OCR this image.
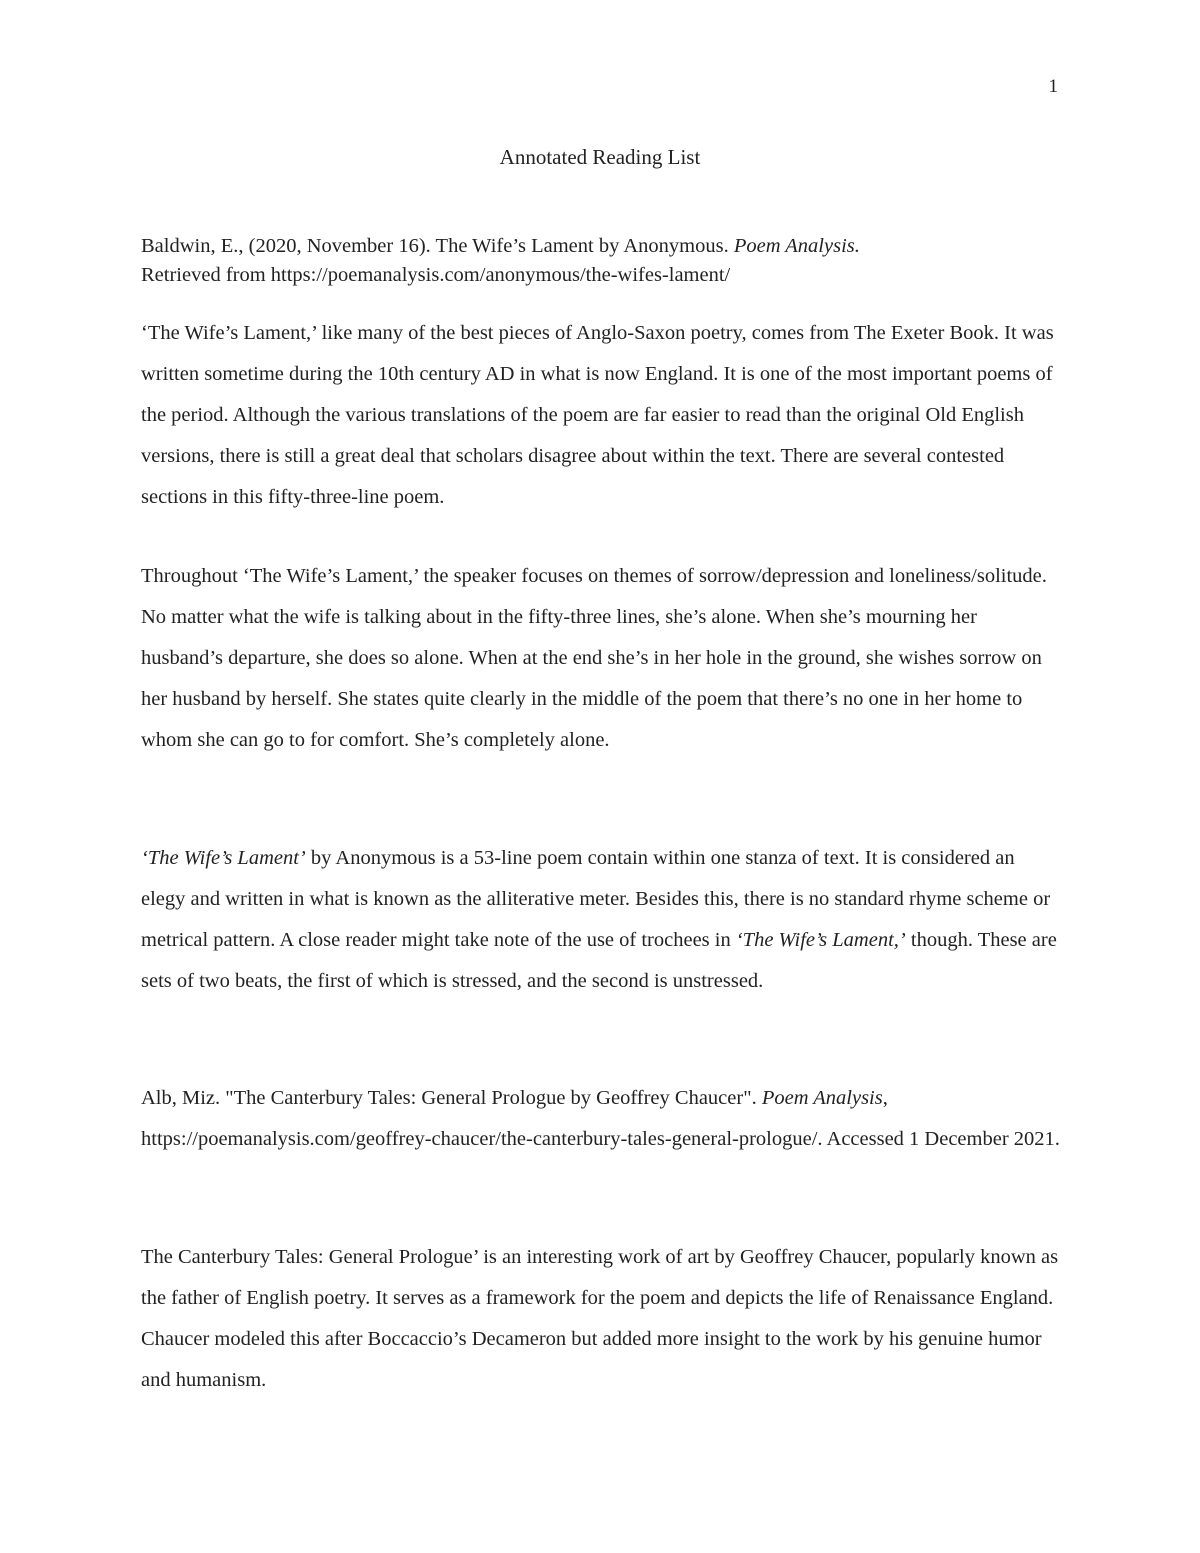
1
Annotated Reading List

Baldwin, E., (2020, November 16). The Wife’s Lament by Anonymous. Poem Analysis.
Retrieved from https://poemanalysis.com/anonymous/the-wifes-lament/

‘The Wife’s Lament,’ like many of the best pieces of Anglo-Saxon poetry, comes from The Exeter Book. It was written sometime during the 10th century AD in what is now England. It is one of the most important poems of the period. Although the various translations of the poem are far easier to read than the original Old English versions, there is still a great deal that scholars disagree about within the text. There are several contested sections in this fifty-three-line poem.

Throughout ‘The Wife’s Lament,’ the speaker focuses on themes of sorrow/depression and loneliness/solitude. No matter what the wife is talking about in the fifty-three lines, she’s alone. When she’s mourning her husband’s departure, she does so alone. When at the end she’s in her hole in the ground, she wishes sorrow on her husband by herself. She states quite clearly in the middle of the poem that there’s no one in her home to whom she can go to for comfort. She’s completely alone.

‘The Wife’s Lament’ by Anonymous is a 53-line poem contain within one stanza of text. It is considered an elegy and written in what is known as the alliterative meter. Besides this, there is no standard rhyme scheme or metrical pattern. A close reader might take note of the use of trochees in ‘The Wife’s Lament,’ though. These are sets of two beats, the first of which is stressed, and the second is unstressed.

Alb, Miz. "The Canterbury Tales: General Prologue by Geoffrey Chaucer". Poem Analysis, https://poemanalysis.com/geoffrey-chaucer/the-canterbury-tales-general-prologue/. Accessed 1 December 2021.

The Canterbury Tales: General Prologue’ is an interesting work of art by Geoffrey Chaucer, popularly known as the father of English poetry. It serves as a framework for the poem and depicts the life of Renaissance England. Chaucer modeled this after Boccaccio’s Decameron but added more insight to the work by his genuine humor and humanism.
